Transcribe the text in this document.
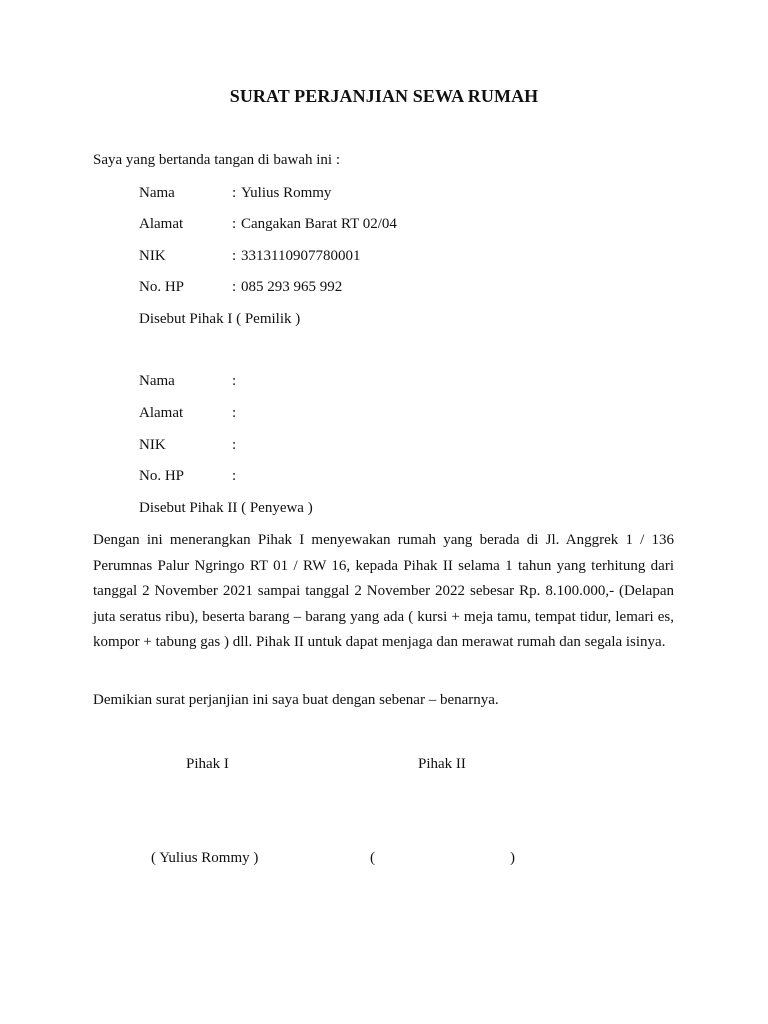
SURAT PERJANJIAN SEWA RUMAH
Saya yang bertanda tangan di bawah ini :
Nama	: Yulius Rommy
Alamat	: Cangakan Barat RT 02/04
NIK	: 3313110907780001
No. HP	: 085 293 965 992
Disebut Pihak I ( Pemilik )
Nama	:
Alamat	:
NIK	:
No. HP	:
Disebut Pihak II ( Penyewa )
Dengan ini menerangkan Pihak I menyewakan rumah yang berada di Jl. Anggrek 1 / 136 Perumnas Palur Ngringo RT 01 / RW 16, kepada Pihak II selama 1 tahun yang terhitung dari tanggal 2 November 2021 sampai tanggal 2 November 2022 sebesar Rp. 8.100.000,- (Delapan juta seratus ribu), beserta barang – barang yang ada ( kursi + meja tamu, tempat tidur, lemari es, kompor + tabung gas ) dll. Pihak II untuk dapat menjaga dan merawat rumah dan segala isinya.
Demikian surat perjanjian ini saya buat dengan sebenar – benarnya.
Pihak I	Pihak II
( Yulius Rommy )	(	)
